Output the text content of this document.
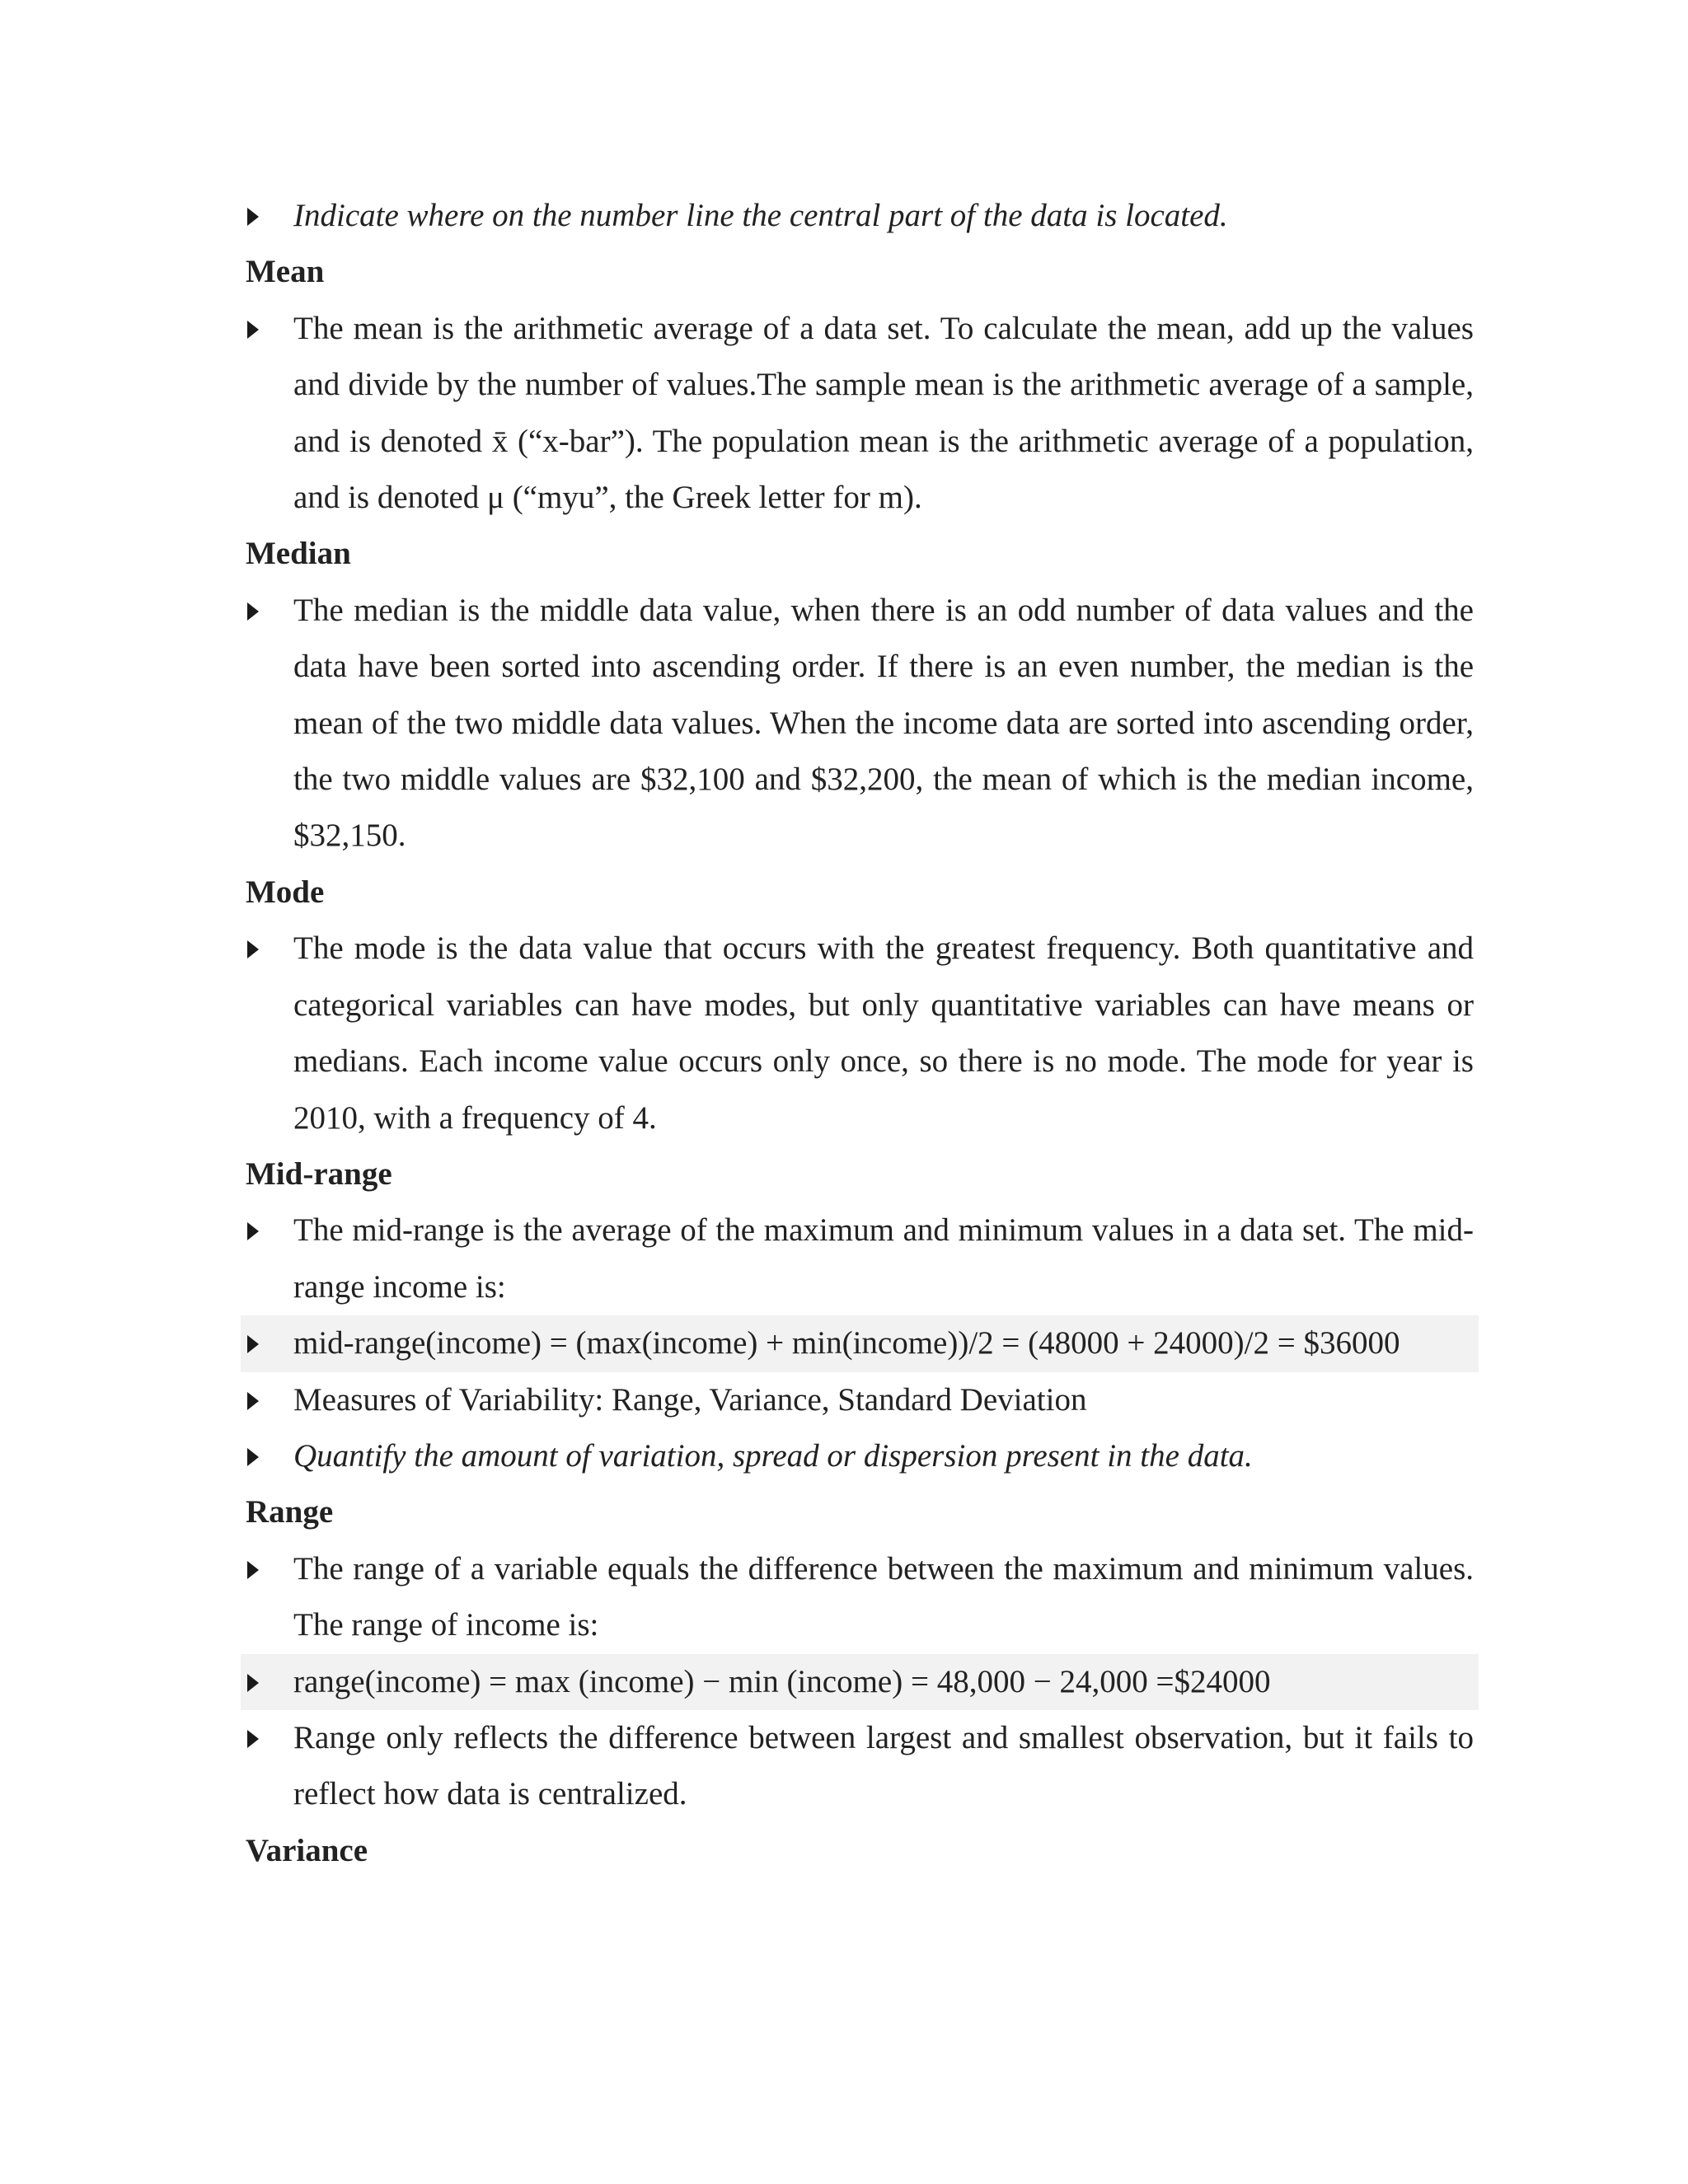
Indicate where on the number line the central part of the data is located.
Mean
The mean is the arithmetic average of a data set. To calculate the mean, add up the values and divide by the number of values.The sample mean is the arithmetic average of a sample, and is denoted x̄ (“x-bar”). The population mean is the arithmetic average of a population, and is denoted μ (“myu”, the Greek letter for m).
Median
The median is the middle data value, when there is an odd number of data values and the data have been sorted into ascending order. If there is an even number, the median is the mean of the two middle data values. When the income data are sorted into ascending order, the two middle values are $32,100 and $32,200, the mean of which is the median income, $32,150.
Mode
The mode is the data value that occurs with the greatest frequency. Both quantitative and categorical variables can have modes, but only quantitative variables can have means or medians. Each income value occurs only once, so there is no mode. The mode for year is 2010, with a frequency of 4.
Mid-range
The mid-range is the average of the maximum and minimum values in a data set. The mid-range income is:
mid-range(income) = (max(income) + min(income))/2 = (48000 + 24000)/2 = $36000
Measures of Variability: Range, Variance, Standard Deviation
Quantify the amount of variation, spread or dispersion present in the data.
Range
The range of a variable equals the difference between the maximum and minimum values. The range of income is:
range(income) = max (income) − min (income) = 48,000 − 24,000 =$24000
Range only reflects the difference between largest and smallest observation, but it fails to reflect how data is centralized.
Variance
